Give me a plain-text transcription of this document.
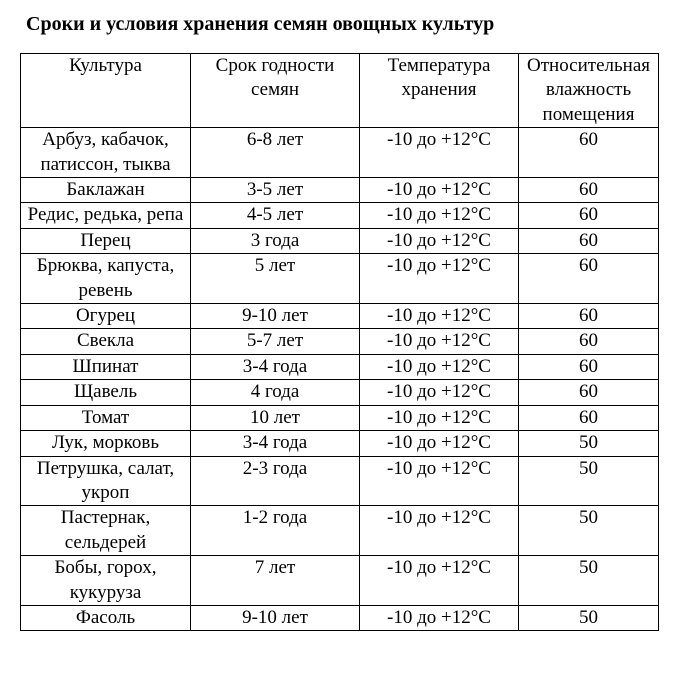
Сроки и условия хранения семян овощных культур
Культура	Срок годности семян	Температура хранения	Относительная влажность помещения
Арбуз, кабачок, патиссон, тыква	6-8 лет	-10 до +12°C	60
Баклажан	3-5 лет	-10 до +12°C	60
Редис, редька, репа	4-5 лет	-10 до +12°C	60
Перец	3 года	-10 до +12°C	60
Брюква, капуста, ревень	5 лет	-10 до +12°C	60
Огурец	9-10 лет	-10 до +12°C	60
Свекла	5-7 лет	-10 до +12°C	60
Шпинат	3-4 года	-10 до +12°C	60
Щавель	4 года	-10 до +12°C	60
Томат	10 лет	-10 до +12°C	60
Лук, морковь	3-4 года	-10 до +12°C	50
Петрушка, салат, укроп	2-3 года	-10 до +12°C	50
Пастернак, сельдерей	1-2 года	-10 до +12°C	50
Бобы, горох, кукуруза	7 лет	-10 до +12°C	50
Фасоль	9-10 лет	-10 до +12°C	50
